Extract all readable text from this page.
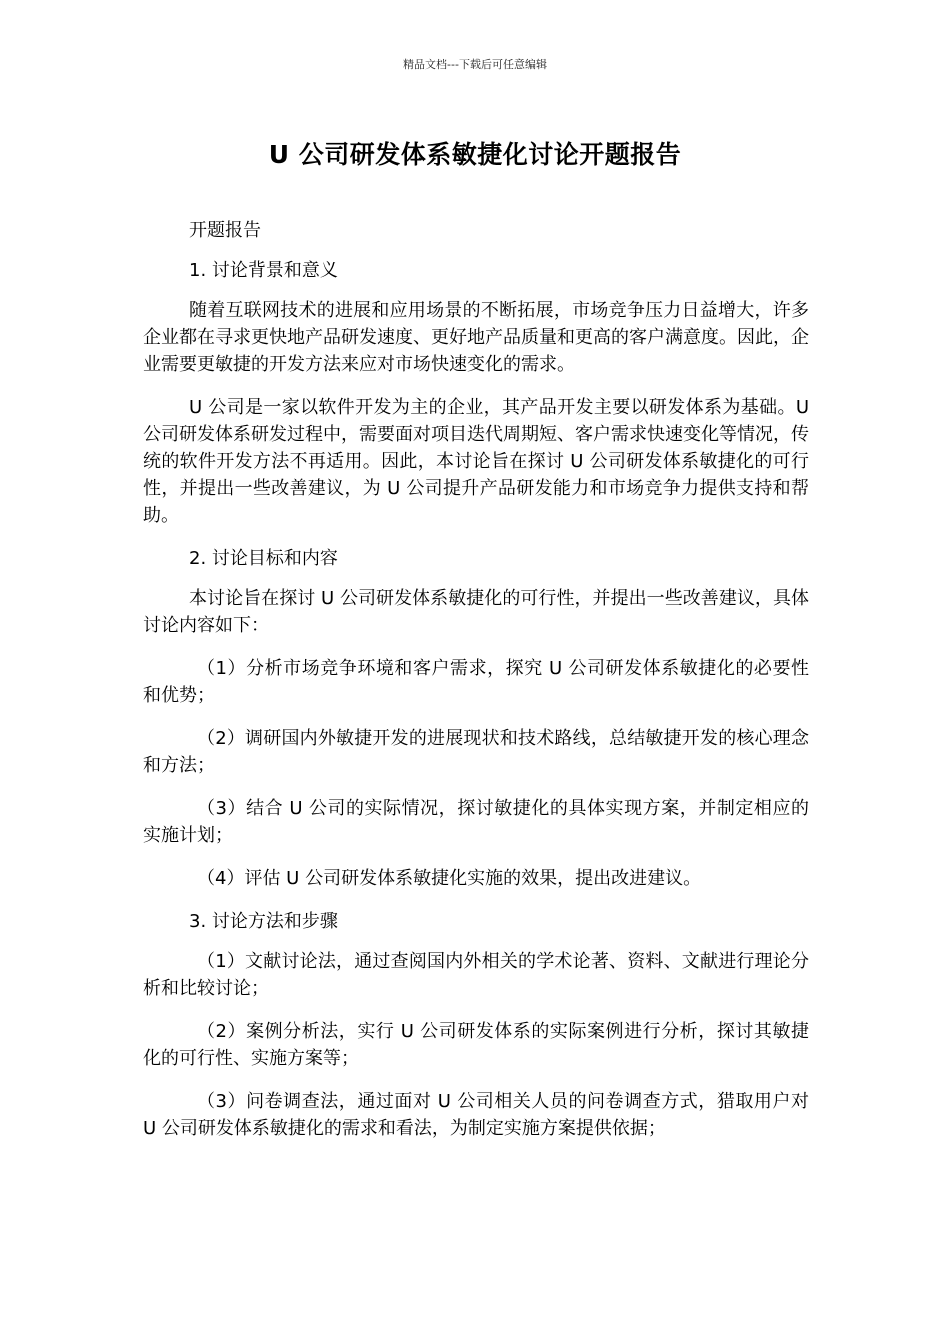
精品文档---下载后可任意编辑
U 公司研发体系敏捷化讨论开题报告

开题报告

1. 讨论背景和意义

随着互联网技术的进展和应用场景的不断拓展，市场竞争压力日益增大，许多企业都在寻求更快地产品研发速度、更好地产品质量和更高的客户满意度。因此，企业需要更敏捷的开发方法来应对市场快速变化的需求。

U 公司是一家以软件开发为主的企业，其产品开发主要以研发体系为基础。U 公司研发体系研发过程中，需要面对项目迭代周期短、客户需求快速变化等情况，传统的软件开发方法不再适用。因此，本讨论旨在探讨 U 公司研发体系敏捷化的可行性，并提出一些改善建议，为 U 公司提升产品研发能力和市场竞争力提供支持和帮助。

2. 讨论目标和内容

本讨论旨在探讨 U 公司研发体系敏捷化的可行性，并提出一些改善建议，具体讨论内容如下：

（1）分析市场竞争环境和客户需求，探究 U 公司研发体系敏捷化的必要性和优势；

（2）调研国内外敏捷开发的进展现状和技术路线，总结敏捷开发的核心理念和方法；

（3）结合 U 公司的实际情况，探讨敏捷化的具体实现方案，并制定相应的实施计划；

（4）评估 U 公司研发体系敏捷化实施的效果，提出改进建议。

3. 讨论方法和步骤

（1）文献讨论法，通过查阅国内外相关的学术论著、资料、文献进行理论分析和比较讨论；

（2）案例分析法，实行 U 公司研发体系的实际案例进行分析，探讨其敏捷化的可行性、实施方案等；

（3）问卷调查法，通过面对 U 公司相关人员的问卷调查方式，猎取用户对 U 公司研发体系敏捷化的需求和看法，为制定实施方案提供依据；
